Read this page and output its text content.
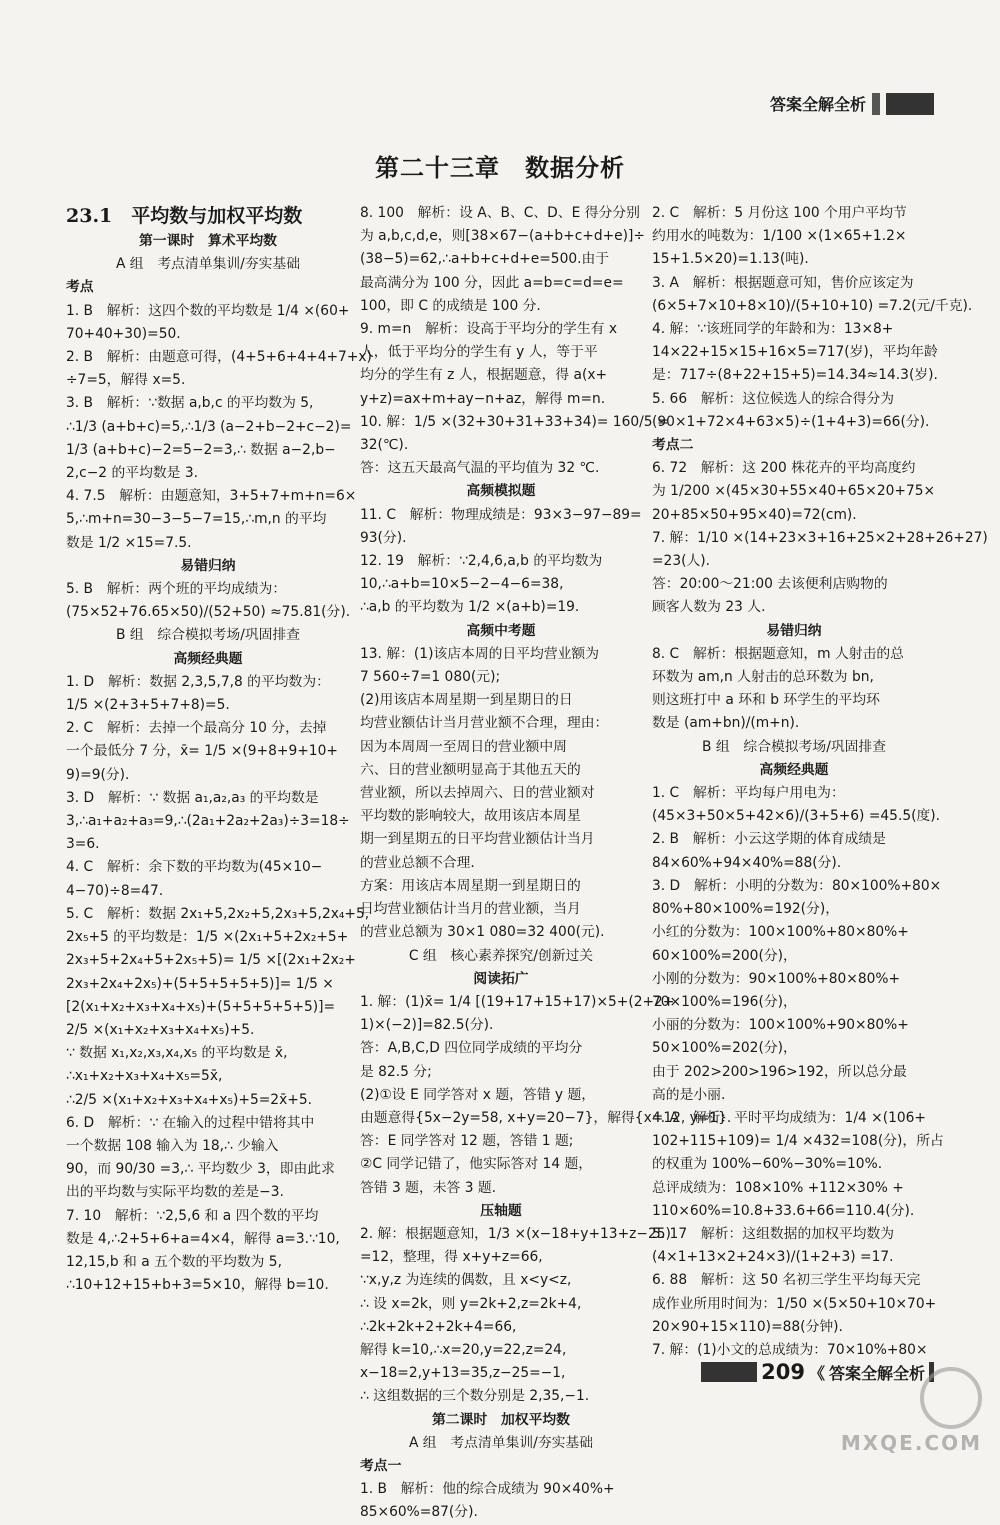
答案全解全析
第二十三章　数据分析
23.1　平均数与加权平均数
第一课时　算术平均数
A 组　考点清单集训/夯实基础
考点
1. B　解析：这四个数的平均数是 1/4 ×(60+
70+40+30)=50.
2. B　解析：由题意可得，(4+5+6+4+4+7+x)
÷7=5，解得 x=5.
3. B　解析：∵数据 a,b,c 的平均数为 5,
∴1/3 (a+b+c)=5,∴1/3 (a−2+b−2+c−2)=
1/3 (a+b+c)−2=5−2=3,∴ 数据 a−2,b−
2,c−2 的平均数是 3.
4. 7.5　解析：由题意知，3+5+7+m+n=6×
5,∴m+n=30−3−5−7=15,∴m,n 的平均
数是 1/2 ×15=7.5.
易错归纳
5. B　解析：两个班的平均成绩为：
(75×52+76.65×50)/(52+50) ≈75.81(分).
B 组　综合模拟考场/巩固排查
高频经典题
1. D　解析：数据 2,3,5,7,8 的平均数为：
1/5 ×(2+3+5+7+8)=5.
2. C　解析：去掉一个最高分 10 分，去掉
一个最低分 7 分，x̄= 1/5 ×(9+8+9+10+
9)=9(分).
3. D　解析：∵ 数据 a₁,a₂,a₃ 的平均数是
3,∴a₁+a₂+a₃=9,∴(2a₁+2a₂+2a₃)÷3=18÷
3=6.
4. C　解析：余下数的平均数为(45×10−
4−70)÷8=47.
5. C　解析：数据 2x₁+5,2x₂+5,2x₃+5,2x₄+5,
2x₅+5 的平均数是：1/5 ×(2x₁+5+2x₂+5+
2x₃+5+2x₄+5+2x₅+5)= 1/5 ×[(2x₁+2x₂+
2x₃+2x₄+2x₅)+(5+5+5+5+5)]= 1/5 ×
[2(x₁+x₂+x₃+x₄+x₅)+(5+5+5+5+5)]=
2/5 ×(x₁+x₂+x₃+x₄+x₅)+5.
∵ 数据 x₁,x₂,x₃,x₄,x₅ 的平均数是 x̄,
∴x₁+x₂+x₃+x₄+x₅=5x̄,
∴2/5 ×(x₁+x₂+x₃+x₄+x₅)+5=2x̄+5.
6. D　解析：∵ 在输入的过程中错将其中
一个数据 108 输入为 18,∴ 少输入
90，而 90/30 =3,∴ 平均数少 3，即由此求
出的平均数与实际平均数的差是−3.
7. 10　解析：∵2,5,6 和 a 四个数的平均
数是 4,∴2+5+6+a=4×4，解得 a=3.∵10,
12,15,b 和 a 五个数的平均数为 5,
∴10+12+15+b+3=5×10，解得 b=10.
8. 100　解析：设 A、B、C、D、E 得分分别
为 a,b,c,d,e，则[38×67−(a+b+c+d+e)]÷
(38−5)=62,∴a+b+c+d+e=500.由于
最高满分为 100 分，因此 a=b=c=d=e=
100，即 C 的成绩是 100 分.
9. m=n　解析：设高于平均分的学生有 x
人，低于平均分的学生有 y 人，等于平
均分的学生有 z 人，根据题意，得 a(x+
y+z)=ax+m+ay−n+az，解得 m=n.
10. 解：1/5 ×(32+30+31+33+34)= 160/5 =
32(℃).
答：这五天最高气温的平均值为 32 ℃.
高频模拟题
11. C　解析：物理成绩是：93×3−97−89=
93(分).
12. 19　解析：∵2,4,6,a,b 的平均数为
10,∴a+b=10×5−2−4−6=38,
∴a,b 的平均数为 1/2 ×(a+b)=19.
高频中考题
13. 解：(1)该店本周的日平均营业额为
7 560÷7=1 080(元);
(2)用该店本周星期一到星期日的日
均营业额估计当月营业额不合理，理由：
因为本周周一至周日的营业额中周
六、日的营业额明显高于其他五天的
营业额，所以去掉周六、日的营业额对
平均数的影响较大，故用该店本周星
期一到星期五的日平均营业额估计当月
的营业总额不合理.
方案：用该店本周星期一到星期日的
日均营业额估计当月的营业额，当月
的营业总额为 30×1 080=32 400(元).
C 组　核心素养探究/创新过关
阅读拓广
1. 解：(1)x̄= 1/4 [(19+17+15+17)×5+(2+2+
1)×(−2)]=82.5(分).
答：A,B,C,D 四位同学成绩的平均分
是 82.5 分;
(2)①设 E 同学答对 x 题，答错 y 题，
由题意得{5x−2y=58, x+y=20−7}，解得{x=12, y=1}.
答：E 同学答对 12 题，答错 1 题;
②C 同学记错了，他实际答对 14 题，
答错 3 题，未答 3 题.
压轴题
2. 解：根据题意知，1/3 ×(x−18+y+13+z−25)
=12，整理，得 x+y+z=66,
∵x,y,z 为连续的偶数，且 x<y<z,
∴ 设 x=2k，则 y=2k+2,z=2k+4,
∴2k+2k+2+2k+4=66,
解得 k=10,∴x=20,y=22,z=24,
x−18=2,y+13=35,z−25=−1,
∴ 这组数据的三个数分别是 2,35,−1.
第二课时　加权平均数
A 组　考点清单集训/夯实基础
考点一
1. B　解析：他的综合成绩为 90×40%+
85×60%=87(分).
2. C　解析：5 月份这 100 个用户平均节
约用水的吨数为：1/100 ×(1×65+1.2×
15+1.5×20)=1.13(吨).
3. A　解析：根据题意可知，售价应该定为
(6×5+7×10+8×10)/(5+10+10) =7.2(元/千克).
4. 解：∵该班同学的年龄和为：13×8+
14×22+15×15+16×5=717(岁)，平均年龄
是：717÷(8+22+15+5)=14.34≈14.3(岁).
5. 66　解析：这位候选人的综合得分为
(90×1+72×4+63×5)÷(1+4+3)=66(分).
考点二
6. 72　解析：这 200 株花卉的平均高度约
为 1/200 ×(45×30+55×40+65×20+75×
20+85×50+95×40)=72(cm).
7. 解：1/10 ×(14+23×3+16+25×2+28+26+27)
=23(人).
答：20:00～21:00 去该便利店购物的
顾客人数为 23 人.
易错归纳
8. C　解析：根据题意知，m 人射击的总
环数为 am,n 人射击的总环数为 bn,
则这班打中 a 环和 b 环学生的平均环
数是 (am+bn)/(m+n).
B 组　综合模拟考场/巩固排查
高频经典题
1. C　解析：平均每户用电为：
(45×3+50×5+42×6)/(3+5+6) =45.5(度).
2. B　解析：小云这学期的体育成绩是
84×60%+94×40%=88(分).
3. D　解析：小明的分数为：80×100%+80×
80%+80×100%=192(分)，
小红的分数为：100×100%+80×80%+
60×100%=200(分)，
小刚的分数为：90×100%+80×80%+
70×100%=196(分)，
小丽的分数为：100×100%+90×80%+
50×100%=202(分)，
由于 202>200>196>192，所以总分最
高的是小丽.
4. A　解析：平时平均成绩为：1/4 ×(106+
102+115+109)= 1/4 ×432=108(分)，所占
的权重为 100%−60%−30%=10%.
总评成绩为：108×10% +112×30% +
110×60%=10.8+33.6+66=110.4(分).
5. 17　解析：这组数据的加权平均数为
(4×1+13×2+24×3)/(1+2+3) =17.
6. 88　解析：这 50 名初三学生平均每天完
成作业所用时间为：1/50 ×(5×50+10×70+
20×90+15×110)=88(分钟).
7. 解：(1)小文的总成绩为：70×10%+80×
209 《 答案全解全析
MXQE.COM
